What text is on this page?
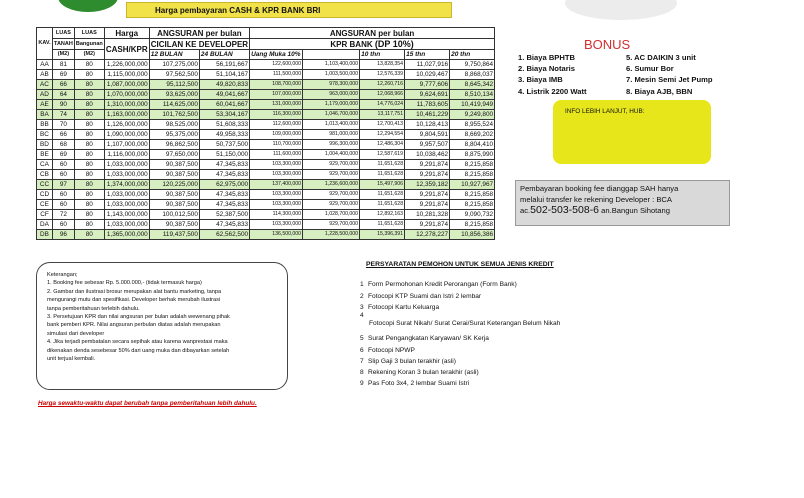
Harga pembayaran CASH & KPR BANK BRI
KAV.	LUAS	LUAS	Harga	ANGSURAN per bulan		ANGSURAN per bulan				
	TANAH	Bangunan	CASH/KPR	CICILAN KE DEVELOPER		KPR BANK (DP 10%)				
	(M2)	(M2)		12 BULAN	24 BULAN	Uang Muka 10%		10 thn	15 thn	20 thn
AA	81	80	1,226,000,000	107,275,000	56,191,667	122,600,000	1,103,400,000	13,828,354	11,027,916	9,750,864
AB	69	80	1,115,000,000	97,562,500	51,104,167	111,500,000	1,003,500,000	12,576,339	10,029,467	8,868,037
AC	66	80	1,087,000,000	95,112,500	49,820,833	108,700,000	978,300,000	12,260,716	9,777,606	8,645,342
AD	64	80	1,070,000,000	93,625,000	49,041,667	107,000,000	963,000,000	12,068,966	9,624,691	8,510,134
AE	90	80	1,310,000,000	114,625,000	60,041,667	131,000,000	1,179,000,000	14,776,024	11,783,605	10,419,949
BA	74	80	1,163,000,000	101,762,500	53,304,167	116,300,000	1,046,700,000	13,117,751	10,461,229	9,249,800
BB	70	80	1,126,000,000	98,525,000	51,608,333	112,600,000	1,013,400,000	12,700,413	10,128,413	8,955,524
BC	66	80	1,090,000,000	95,375,000	49,958,333	109,000,000	981,000,000	12,294,554	9,804,591	8,669,202
BD	68	80	1,107,000,000	96,862,500	50,737,500	110,700,000	996,300,000	12,486,304	9,957,507	8,804,410
BE	69	80	1,116,000,000	97,650,000	51,150,000	111,600,000	1,004,400,000	12,587,619	10,038,462	8,875,990
CA	60	80	1,033,000,000	90,387,500	47,345,833	103,300,000	929,700,000	11,651,628	9,291,874	8,215,858
CB	60	80	1,033,000,000	90,387,500	47,345,833	103,300,000	929,700,000	11,651,628	9,291,874	8,215,858
CC	97	80	1,374,000,000	120,225,000	62,975,000	137,400,000	1,236,600,000	15,497,906	12,359,182	10,927,967
CD	60	80	1,033,000,000	90,387,500	47,345,833	103,300,000	929,700,000	11,651,628	9,291,874	8,215,858
CE	60	80	1,033,000,000	90,387,500	47,345,833	103,300,000	929,700,000	11,651,628	9,291,874	8,215,858
CF	72	80	1,143,000,000	100,012,500	52,387,500	114,300,000	1,028,700,000	12,892,163	10,281,328	9,090,732
DA	60	80	1,033,000,000	90,387,500	47,345,833	103,300,000	929,700,000	11,651,628	9,291,874	8,215,858
DB	96	80	1,365,000,000	119,437,500	62,562,500	136,500,000	1,228,500,000	15,396,391	12,278,227	10,856,386
BONUS
1. Biaya BPHTB	5. AC DAIKIN 3 unit
2. Biaya Notaris	6. Sumur Bor
3. Biaya IMB	7. Mesin Semi Jet Pump
4. Listrik 2200 Watt	8. Biaya AJB, BBN
INFO LEBIH LANJUT, HUB:
Pembayaran booking fee dianggap SAH hanya
melalui transfer ke rekening Developer : BCA
ac.502-503-508-6 an.Bangun Sihotang
PERSYARATAN PEMOHON UNTUK SEMUA JENIS KREDIT
1 Form Permohonan Kredit Perorangan (Form Bank)
2 Fotocopi KTP Suami dan Istri 2 lembar
3 Fotocopi Kartu Keluarga
4
Fotocopi Surat Nikah/ Surat Cerai/Surat Keterangan Belum Nikah
5 Surat Pengangkatan Karyawan/ SK Kerja
6 Fotocopi NPWP
7 Slip Gaji 3 bulan terakhir (asli)
8 Rekening Koran 3 bulan terakhir (asli)
9 Pas Foto 3x4, 2 lembar Suami Istri
Keterangan;
1. Booking fee sebesar Rp. 5.000.000,- (tidak termasuk harga)
2. Gambar dan ilustrasi brosur merupakan alat bantu marketing, tanpa
mengurangi mutu dan spesifikasi. Developer berhak merubah ilustrasi
tanpa pemberitahuan terlebih dahulu.
3. Persetujuan KPR dan nilai angsuran per bulan adalah wewenang pihak
bank pemberi KPR. Nilai angsuran perbulan diatas adalah merupakan
simulasi dari developer
4. Jika terjadi pembatalan secara sepihak atau karena wanprestasi maka
dikenakan denda sesebesar 50% dari uang muka dan dibayarkan setelah
unit terjual kembali.
Harga sewaktu-waktu dapat berubah tanpa pemberitahuan lebih dahulu.
